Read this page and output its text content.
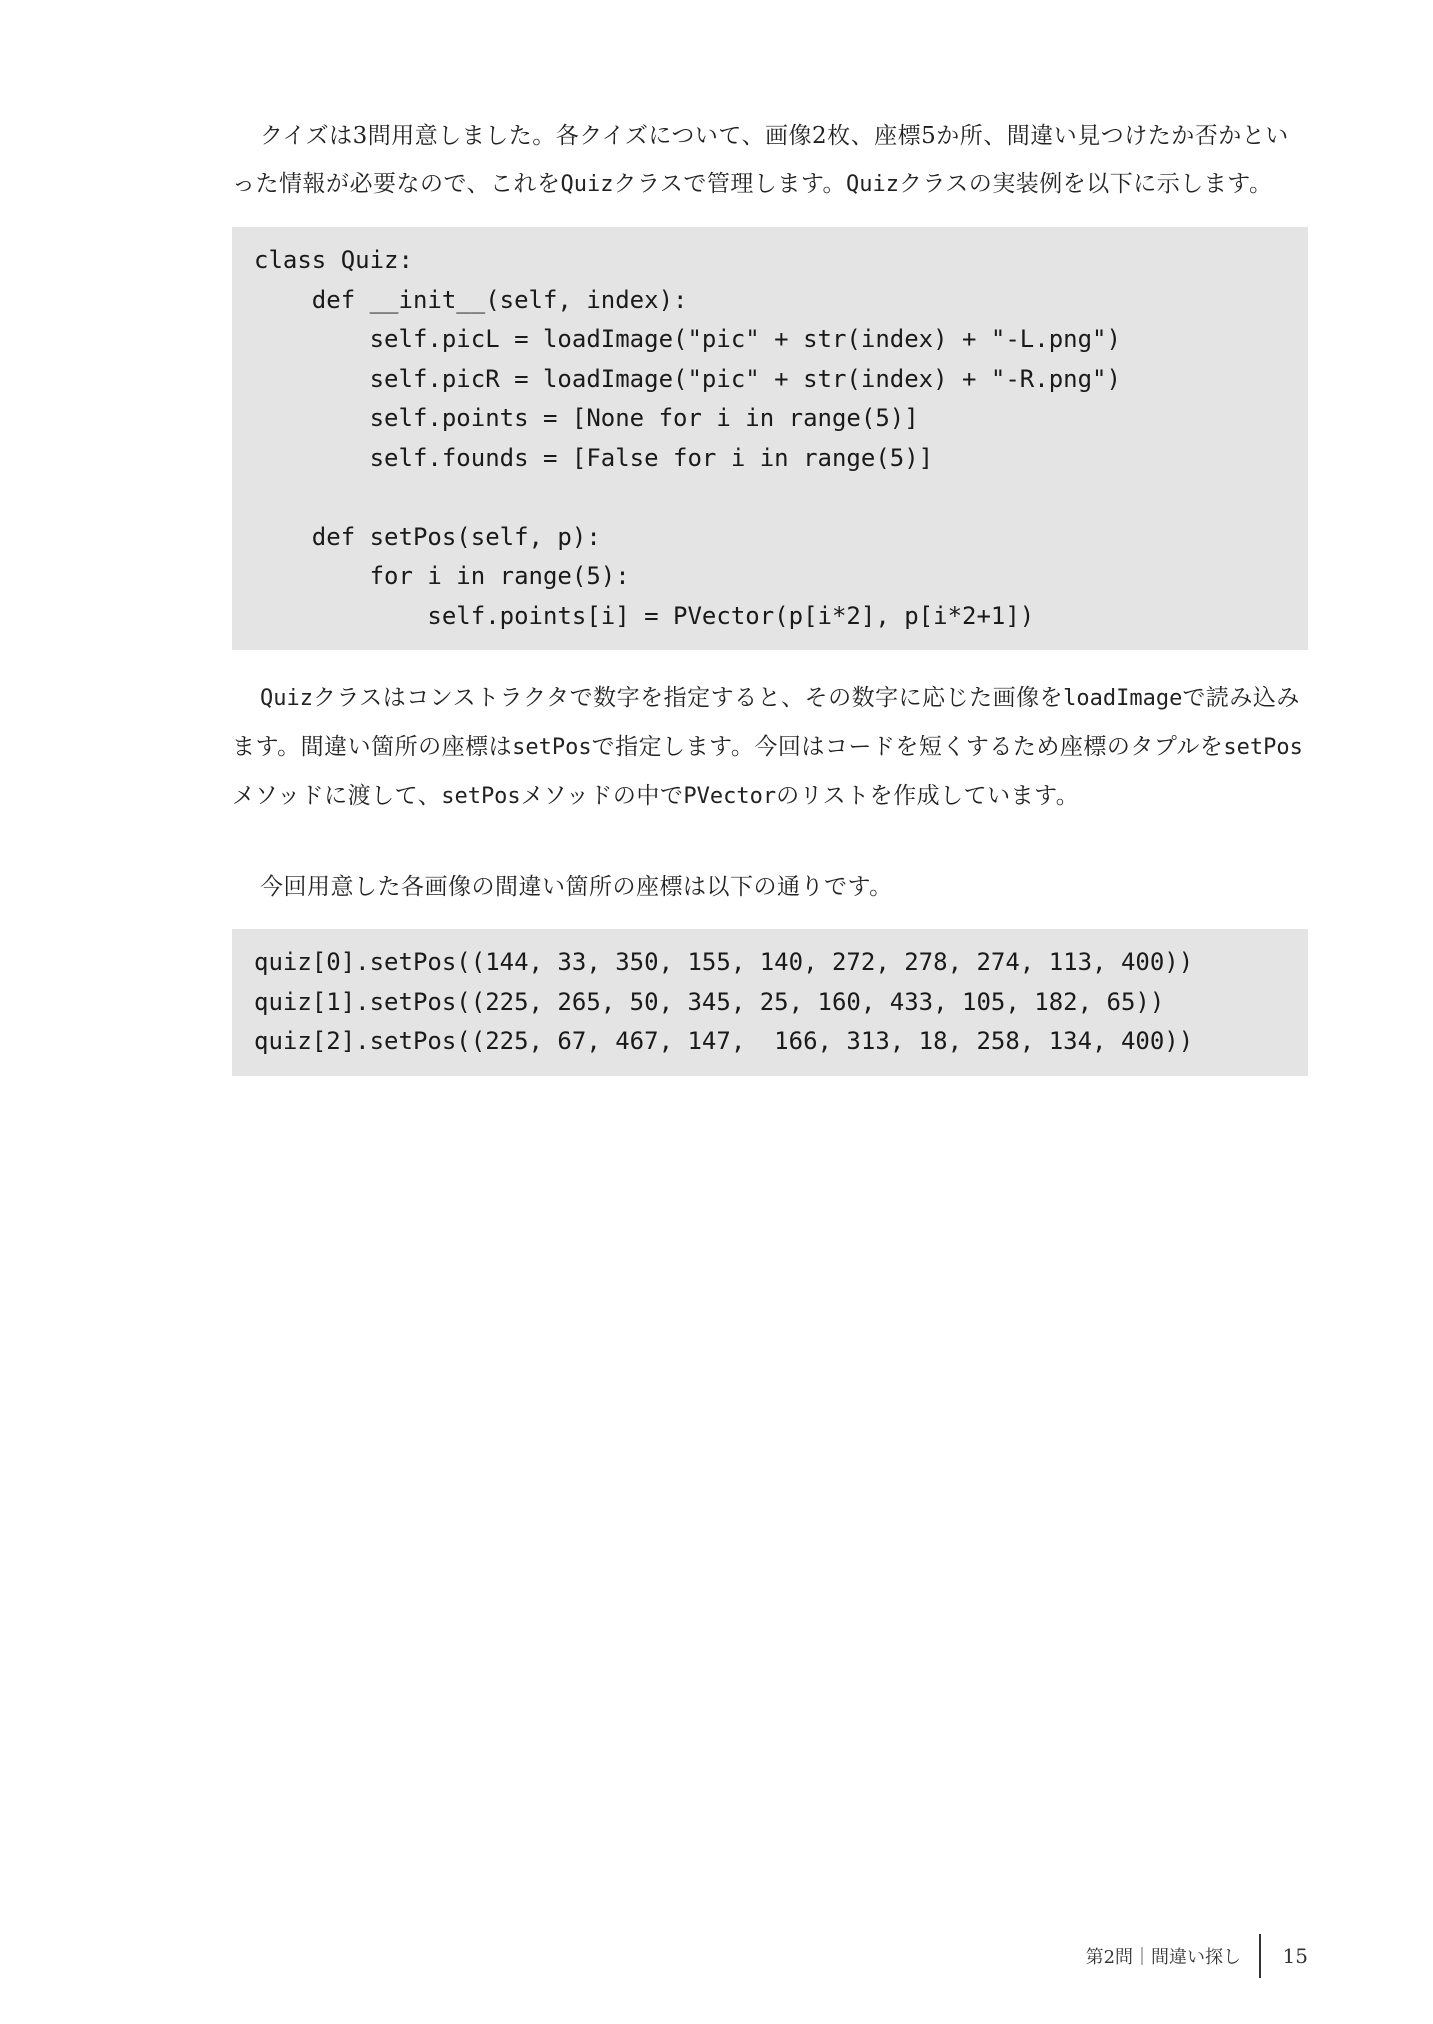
クイズは3問用意しました。各クイズについて、画像2枚、座標5か所、間違い見つけたか否かといった情報が必要なので、これをQuizクラスで管理します。Quizクラスの実装例を以下に示します。

class Quiz:
def __init__(self, index):
self.picL = loadImage("pic" + str(index) + "-L.png")
self.picR = loadImage("pic" + str(index) + "-R.png")
self.points = [None for i in range(5)]
self.founds = [False for i in range(5)]
def setPos(self, p):
for i in range(5):
self.points[i] = PVector(p[i*2], p[i*2+1])

Quizクラスはコンストラクタで数字を指定すると、その数字に応じた画像をloadImageで読み込みます。間違い箇所の座標はsetPosで指定します。今回はコードを短くするため座標のタプルをsetPosメソッドに渡して、setPosメソッドの中でPVectorのリストを作成しています。

今回用意した各画像の間違い箇所の座標は以下の通りです。

quiz[0].setPos((144, 33, 350, 155, 140, 272, 278, 274, 113, 400))
quiz[1].setPos((225, 265, 50, 345, 25, 160, 433, 105, 182, 65))
quiz[2].setPos((225, 67, 467, 147,  166, 313, 18, 258, 134, 400))
第2問｜間違い探し	15
